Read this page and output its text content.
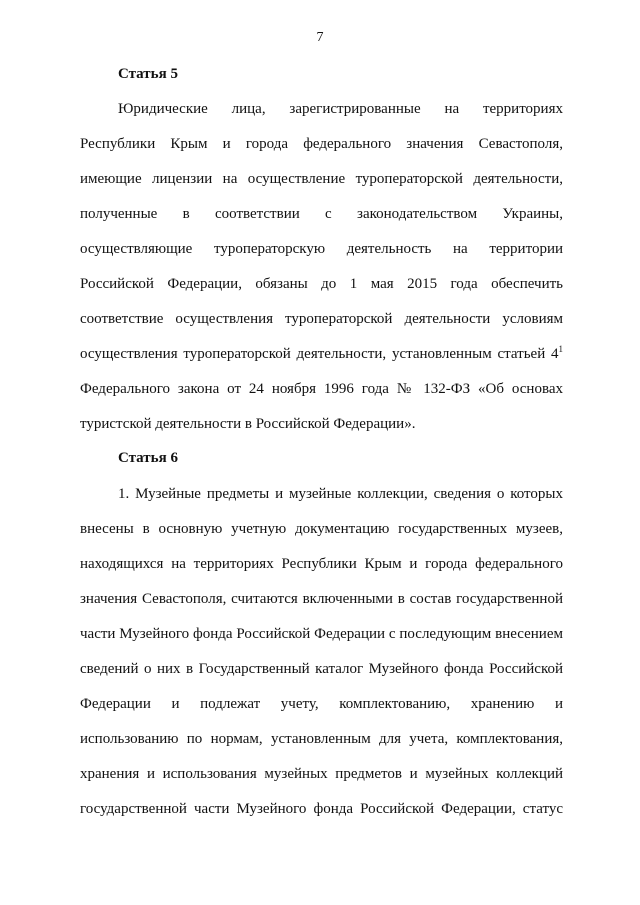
7
Статья 5
Юридические лица, зарегистрированные на территориях
Республики Крым и города федерального значения Севастополя,
имеющие лицензии на осуществление туроператорской деятельности,
полученные в соответствии с законодательством Украины,
осуществляющие туроператорскую деятельность на территории
Российской Федерации, обязаны до 1 мая 2015 года обеспечить
соответствие осуществления туроператорской деятельности условиям
осуществления туроператорской деятельности, установленным статьей $4^1$
Федерального закона от 24 ноября 1996 года № 132-ФЗ «Об основах
туристской деятельности в Российской Федерации».
Статья 6
1. Музейные предметы и музейные коллекции, сведения о которых
внесены в основную учетную документацию государственных музеев,
находящихся на территориях Республики Крым и города федерального
значения Севастополя, считаются включенными в состав государственной
части Музейного фонда Российской Федерации с последующим внесением
сведений о них в Государственный каталог Музейного фонда Российской
Федерации и подлежат учету, комплектованию, хранению и
использованию по нормам, установленным для учета, комплектования,
хранения и использования музейных предметов и музейных коллекций
государственной части Музейного фонда Российской Федерации, статус
